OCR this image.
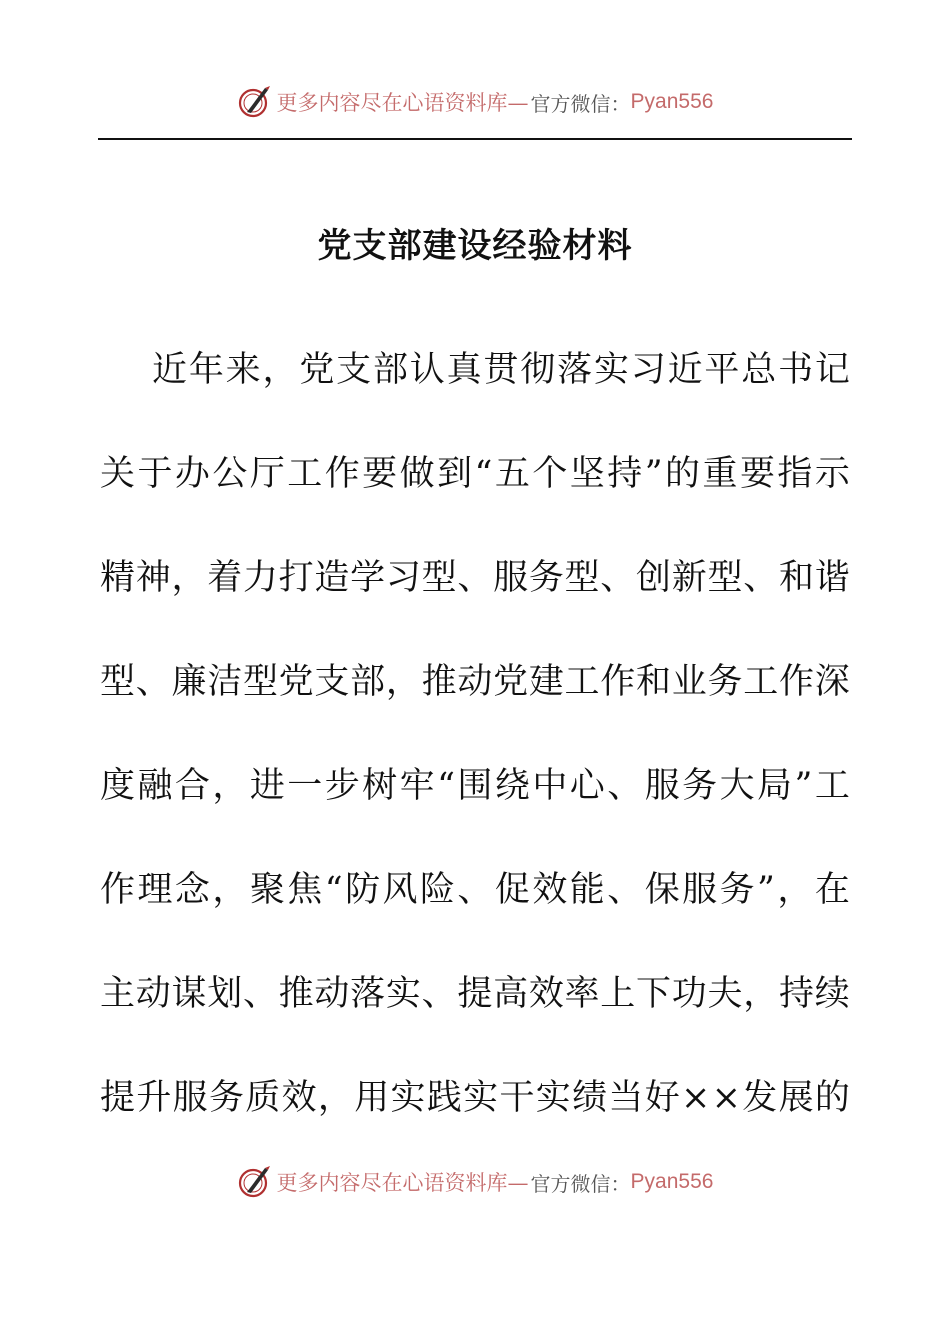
更多内容尽在心语资料库— 官方微信： Pyan556
党支部建设经验材料
近 年 来 ， 党 支 部 认 真 贯 彻 落 实 习 近 平 总 书 记
关 于 办 公 厅 工 作 要 做 到 “ 五 个 坚 持 ” 的 重 要 指 示
精 神 ， 着 力 打 造 学 习 型 、 服 务 型 、 创 新 型 、 和 谐
型 、 廉 洁 型 党 支 部 ， 推 动 党 建 工 作 和 业 务 工 作 深
度 融 合 ， 进 一 步 树 牢 “ 围 绕 中 心 、 服 务 大 局 ” 工
作 理 念 ， 聚 焦 “ 防 风 险 、 促 效 能 、 保 服 务 ” ， 在
主 动 谋 划 、 推 动 落 实 、 提 高 效 率 上 下 功 夫 ， 持 续
提 升 服 务 质 效 ， 用 实 践 实 干 实 绩 当 好 × × 发 展 的
更多内容尽在心语资料库— 官方微信： Pyan556
